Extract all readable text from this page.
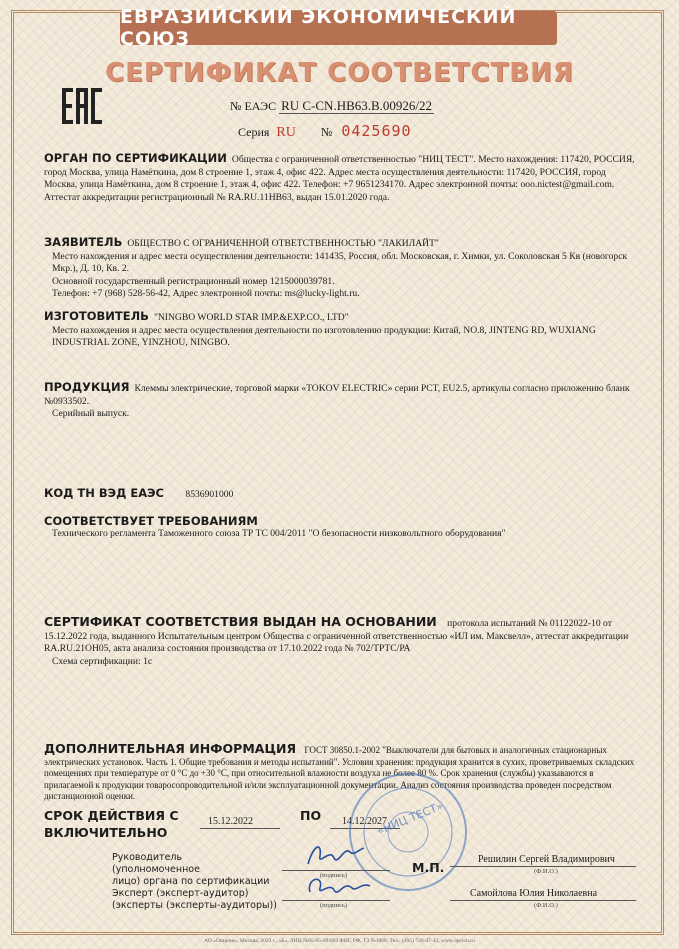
ЕВРАЗИЙСКИЙ ЭКОНОМИЧЕСКИЙ СОЮЗ
СЕРТИФИКАТ СООТВЕТСТВИЯ
№ ЕАЭС RU C-CN.НВ63.В.00926/22
Серия RU № 0425690
ОРГАН ПО СЕРТИФИКАЦИИ Общества с ограниченной ответственностью "НИЦ ТЕСТ". Место нахождения: 117420, РОССИЯ, город Москва, улица Намёткина, дом 8 строение 1, этаж 4, офис 422. Адрес места осуществления деятельности: 117420, РОССИЯ, город Москва, улица Намёткина, дом 8 строение 1, этаж 4, офис 422. Телефон: +7 9651234170. Адрес электронной почты: ooo.nictest@gmail.com. Аттестат аккредитации регистрационный № RA.RU.11НВ63, выдан 15.01.2020 года.
ЗАЯВИТЕЛЬ ОБЩЕСТВО С ОГРАНИЧЕННОЙ ОТВЕТСТВЕННОСТЬЮ "ЛАКИЛАЙТ"
Место нахождения и адрес места осуществления деятельности: 141435, Россия, обл. Московская, г. Химки, ул. Соколовская 5 Кв (новогорск Мкр.), Д. 10, Кв. 2.
Основной государственный регистрационный номер 1215000039781.
Телефон: +7 (968) 528-56-42, Адрес электронной почты: ms@lucky-light.ru.
ИЗГОТОВИТЕЛЬ "NINGBO WORLD STAR IMP.&EXP.CO., LTD"
Место нахождения и адрес места осуществления деятельности по изготовлению продукции: Китай, NO.8, JINTENG RD, WUXIANG INDUSTRIAL ZONE, YINZHOU, NINGBO.
ПРОДУКЦИЯ Клеммы электрические, торговой марки «TOKOV ELECTRIC» серии PCT, EU2.5, артикулы согласно приложению бланк №0933502.
Серийный выпуск.
КОД ТН ВЭД ЕАЭС 8536901000
СООТВЕТСТВУЕТ ТРЕБОВАНИЯМ
Технического регламента Таможенного союза ТР ТС 004/2011 "О безопасности низковольтного оборудования"
СЕРТИФИКАТ СООТВЕТСТВИЯ ВЫДАН НА ОСНОВАНИИ протокола испытаний № 01122022-10 от 15.12.2022 года, выданного Испытательным центром Общества с ограниченной ответственностью «ИЛ им. Максвелл», аттестат аккредитации RA.RU.21ОН05, акта анализа состояния производства от 17.10.2022 года № 702/ТРТС/РА
Схема сертификации: 1с
ДОПОЛНИТЕЛЬНАЯ ИНФОРМАЦИЯ ГОСТ 30850.1-2002 "Выключатели для бытовых и аналогичных стационарных электрических установок. Часть 1. Общие требования и методы испытаний". Условия хранения: продукция хранится в сухих, проветриваемых складских помещениях при температуре от 0 °С до +30 °С, при относительной влажности воздуха не более 80 %. Срок хранения (службы) указываются в прилагаемой к продукции товаросопроводительной и/или эксплуатационной документации. Анализ состояния производства проведен посредством дистанционной оценки.
СРОК ДЕЙСТВИЯ С	15.12.2022	ПО 14.12.2027
ВКЛЮЧИТЕЛЬНО	«НИЦ ТЕСТ»
Руководитель (уполномоченное
лицо) органа по сертификации
(подпись)
М.П.
Решилин Сергей Владимирович
(Ф.И.О.)
Эксперт (эксперт-аудитор)
(эксперты (эксперты-аудиторы))	(подпись)
Самойлова Юлия Николаевна
(Ф.И.О.)
АО «Опцион», Москва, 2022 г., «Б», ЛИЦ №05-05-09/003 ФНС РФ, Т3 №1068, Тел.: (495) 726-47-42, www.opcion.ru
